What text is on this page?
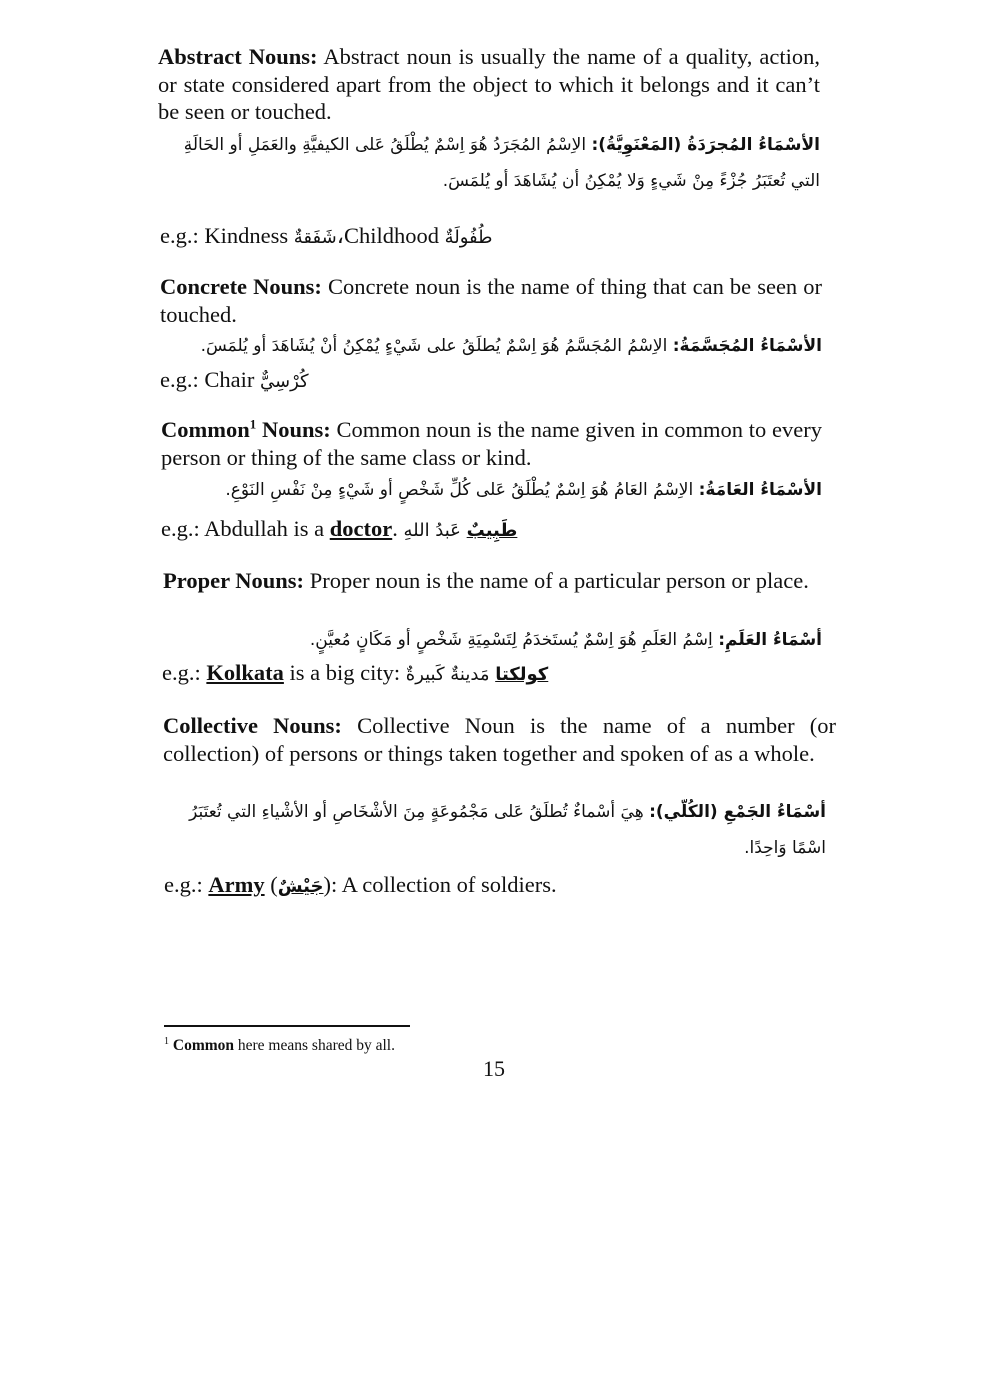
Abstract Nouns: Abstract noun is usually the name of a quality, action, or state considered apart from the object to which it belongs and it can’t be seen or touched.
الأسْمَاءُ المُجرَدَةُ (المَعْنَوِيَّةُ): الاِسْمُ المُجَرَدُ هُوَ اِسْمٌ يُطْلَقُ عَلى الكيفيَّةِ والعَمَلِ أو الحَالَةِ التي تُعتَبَرُ جُزْءً مِنْ شَيءٍ وَلا يُمْكِنُ أن يُشَاهَدَ أو يُلمَسَ.
e.g.: Kindness شَفَقةٌ،Childhood طُفُولَةٌ
Concrete Nouns: Concrete noun is the name of thing that can be seen or touched.
الأسْمَاءُ المُجَسَّمَةُ: الاِسْمُ المُجَسَّمُ هُوَ اِسْمٌ يُطلَقُ على شَيْءٍ يُمْكِنُ أنْ يُشَاهَدَ أو يُلمَسَ.
e.g.: Chair كُرْسِيٌّ
Common$^1$ Nouns: Common noun is the name given in common to every person or thing of the same class or kind.
الأسْمَاءُ العَامَةُ: الاِسْمُ العَامُ هُوَ اِسْمٌ يُطْلَقُ عَلى كُلِّ شَخْصٍ أو شَيْءٍ مِنْ نَفْسِ النَوْعِ.
e.g.: Abdullah is a doctor.	طَبِيبٌ عَبدُ اللهِ
Proper Nouns: Proper noun is the name of a particular person or place.
أسْمَاءُ العَلَمِ: اِسْمُ العَلَمِ هُوَ اِسْمٌ يُستَخدَمُ لِتَسْمِيَةِ شَخْصٍ أو مَكَانٍ مُعيَّنٍ.
e.g.: Kolkata is a big city:	كولكتا مَدينةٌ كَبيرةٌ
Collective Nouns: Collective Noun is the name of a number (or collection) of persons or things taken together and spoken of as a whole.
أسْمَاءُ الجَمْعِ (الكُلّي): هِيَ أسْماءٌ تُطلَقُ عَلى مَجْمُوعَةٍ مِنَ الأشْخَاصِ أو الأشْياءِ التي تُعتَبَرُ اسْمًا وَاحِدًا.
e.g.: Army (جَيْشٌ): A collection of soldiers.
$^1$ Common here means shared by all.
15
